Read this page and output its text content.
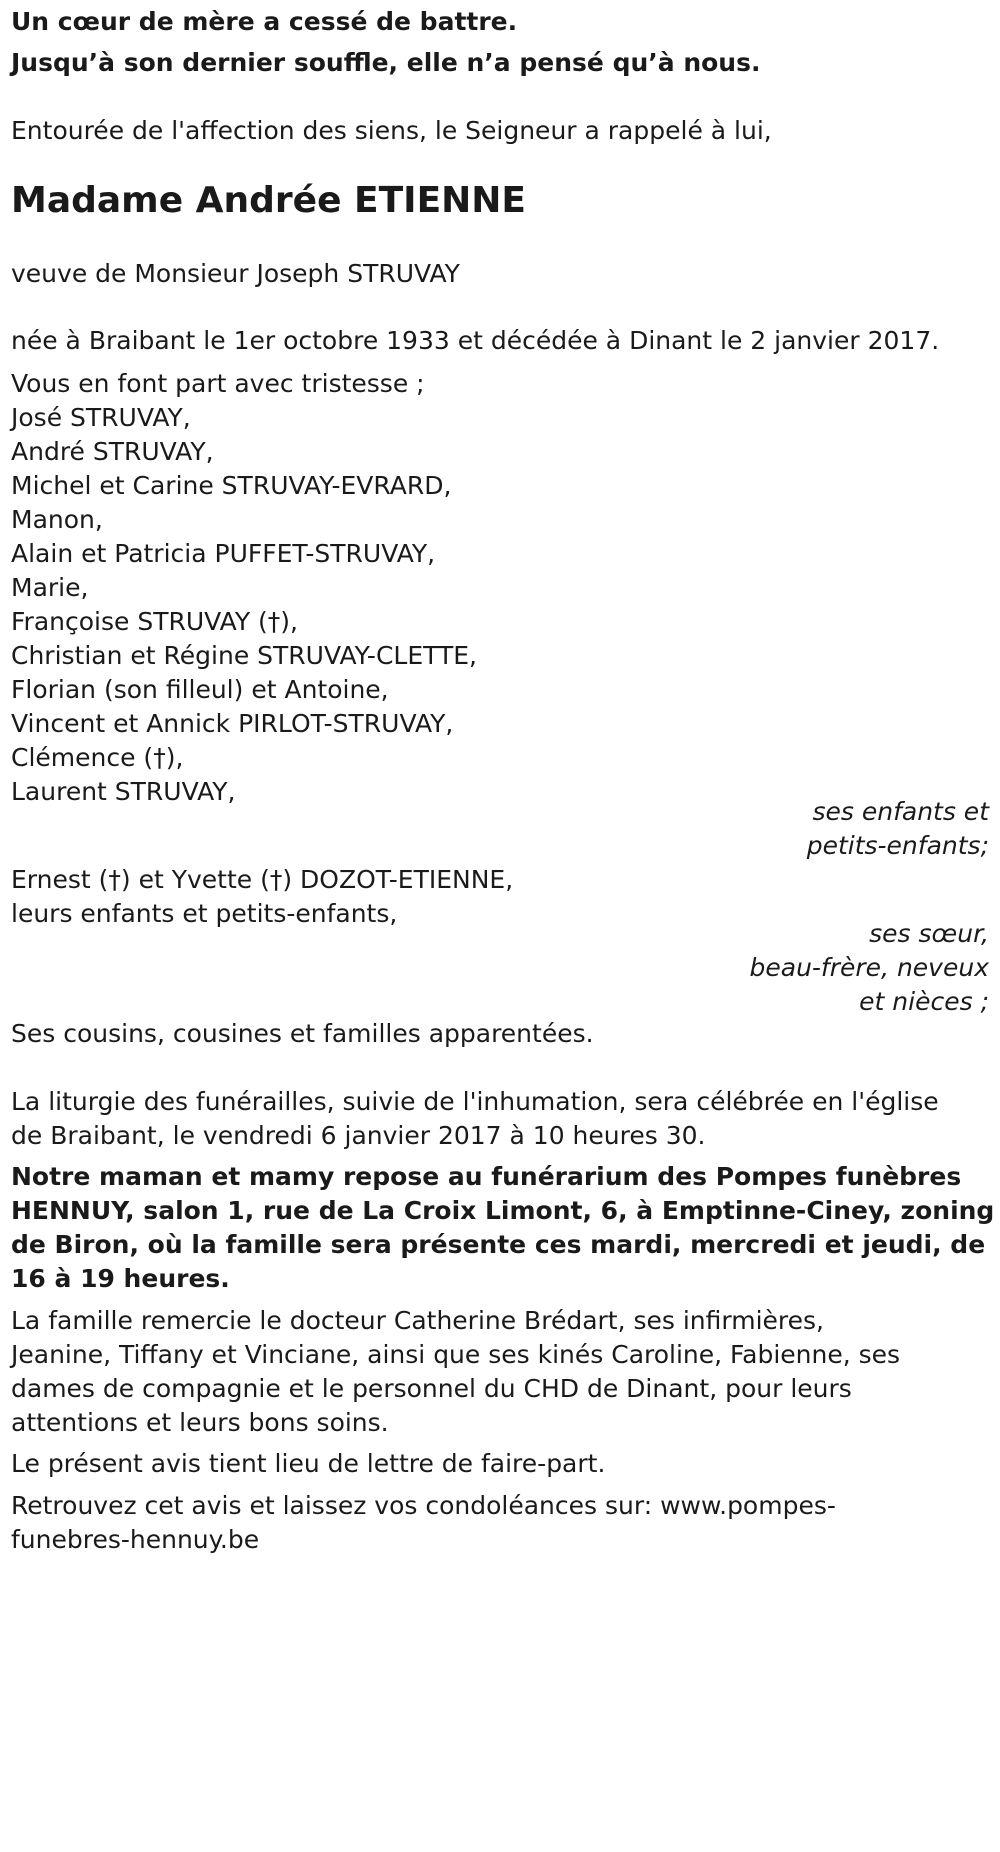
Un cœur de mère a cessé de battre.
Jusqu’à son dernier souffle, elle n’a pensé qu’à nous.
Entourée de l'affection des siens, le Seigneur a rappelé à lui,
Madame Andrée ETIENNE
veuve de Monsieur Joseph STRUVAY
née à Braibant le 1er octobre 1933 et décédée à Dinant le 2 janvier 2017.
Vous en font part avec tristesse ;
José STRUVAY,
André STRUVAY,
Michel et Carine STRUVAY-EVRARD,
Manon,
Alain et Patricia PUFFET-STRUVAY,
Marie,
Françoise STRUVAY (†),
Christian et Régine STRUVAY-CLETTE,
Florian (son filleul) et Antoine,
Vincent et Annick PIRLOT-STRUVAY,
Clémence (†),
Laurent STRUVAY,
ses enfants et
petits-enfants;
Ernest (†) et Yvette (†) DOZOT-ETIENNE,
leurs enfants et petits-enfants,
ses sœur,
beau-frère, neveux
et nièces ;
Ses cousins, cousines et familles apparentées.
La liturgie des funérailles, suivie de l'inhumation, sera célébrée en l'église
de Braibant, le vendredi 6 janvier 2017 à 10 heures 30.
Notre maman et mamy repose au funérarium des Pompes funèbres
HENNUY, salon 1, rue de La Croix Limont, 6, à Emptinne-Ciney, zoning
de Biron, où la famille sera présente ces mardi, mercredi et jeudi, de
16 à 19 heures.
La famille remercie le docteur Catherine Brédart, ses infirmières,
Jeanine, Tiffany et Vinciane, ainsi que ses kinés Caroline, Fabienne, ses
dames de compagnie et le personnel du CHD de Dinant, pour leurs
attentions et leurs bons soins.
Le présent avis tient lieu de lettre de faire-part.
Retrouvez cet avis et laissez vos condoléances sur: www.pompes-
funebres-hennuy.be
